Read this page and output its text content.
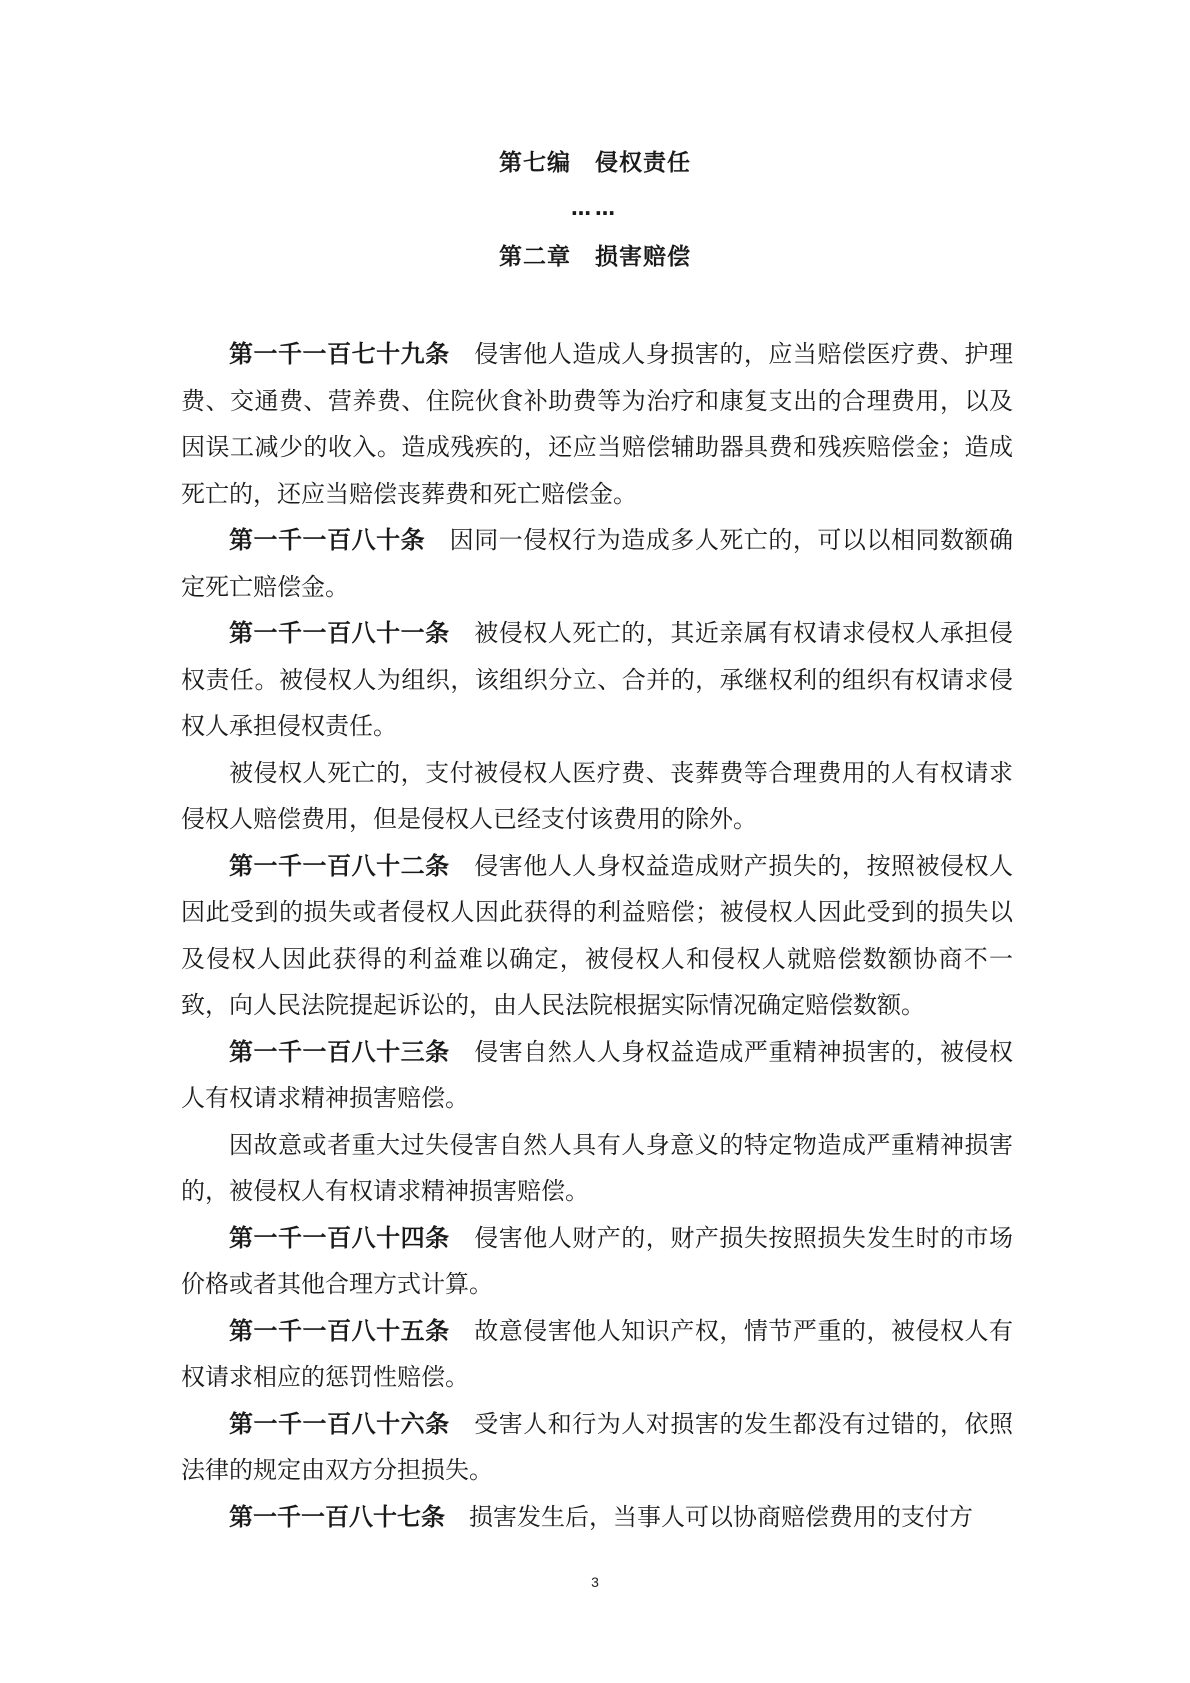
第七编　侵权责任
……
第二章　损害赔偿

第一千一百七十九条　 侵害他人造成人身损害的，应当赔偿医疗费、护理费、交通费、营养费、住院伙食补助费等为治疗和康复支出的合理费用，以及因误工减少的收入。造成残疾的，还应当赔偿辅助器具费和残疾赔偿金；造成死亡的，还应当赔偿丧葬费和死亡赔偿金。

第一千一百八十条　 因同一侵权行为造成多人死亡的，可以以相同数额确定死亡赔偿金。

第一千一百八十一条　 被侵权人死亡的，其近亲属有权请求侵权人承担侵权责任。被侵权人为组织，该组织分立、合并的，承继权利的组织有权请求侵权人承担侵权责任。

被侵权人死亡的，支付被侵权人医疗费、丧葬费等合理费用的人有权请求侵权人赔偿费用，但是侵权人已经支付该费用的除外。

第一千一百八十二条　 侵害他人人身权益造成财产损失的，按照被侵权人因此受到的损失或者侵权人因此获得的利益赔偿；被侵权人因此受到的损失以及侵权人因此获得的利益难以确定，被侵权人和侵权人就赔偿数额协商不一致，向人民法院提起诉讼的，由人民法院根据实际情况确定赔偿数额。

第一千一百八十三条　 侵害自然人人身权益造成严重精神损害的，被侵权人有权请求精神损害赔偿。

因故意或者重大过失侵害自然人具有人身意义的特定物造成严重精神损害的，被侵权人有权请求精神损害赔偿。

第一千一百八十四条　 侵害他人财产的，财产损失按照损失发生时的市场价格或者其他合理方式计算。

第一千一百八十五条　 故意侵害他人知识产权，情节严重的，被侵权人有权请求相应的惩罚性赔偿。

第一千一百八十六条　 受害人和行为人对损害的发生都没有过错的，依照法律的规定由双方分担损失。

第一千一百八十七条　 损害发生后，当事人可以协商赔偿费用的支付方

3
